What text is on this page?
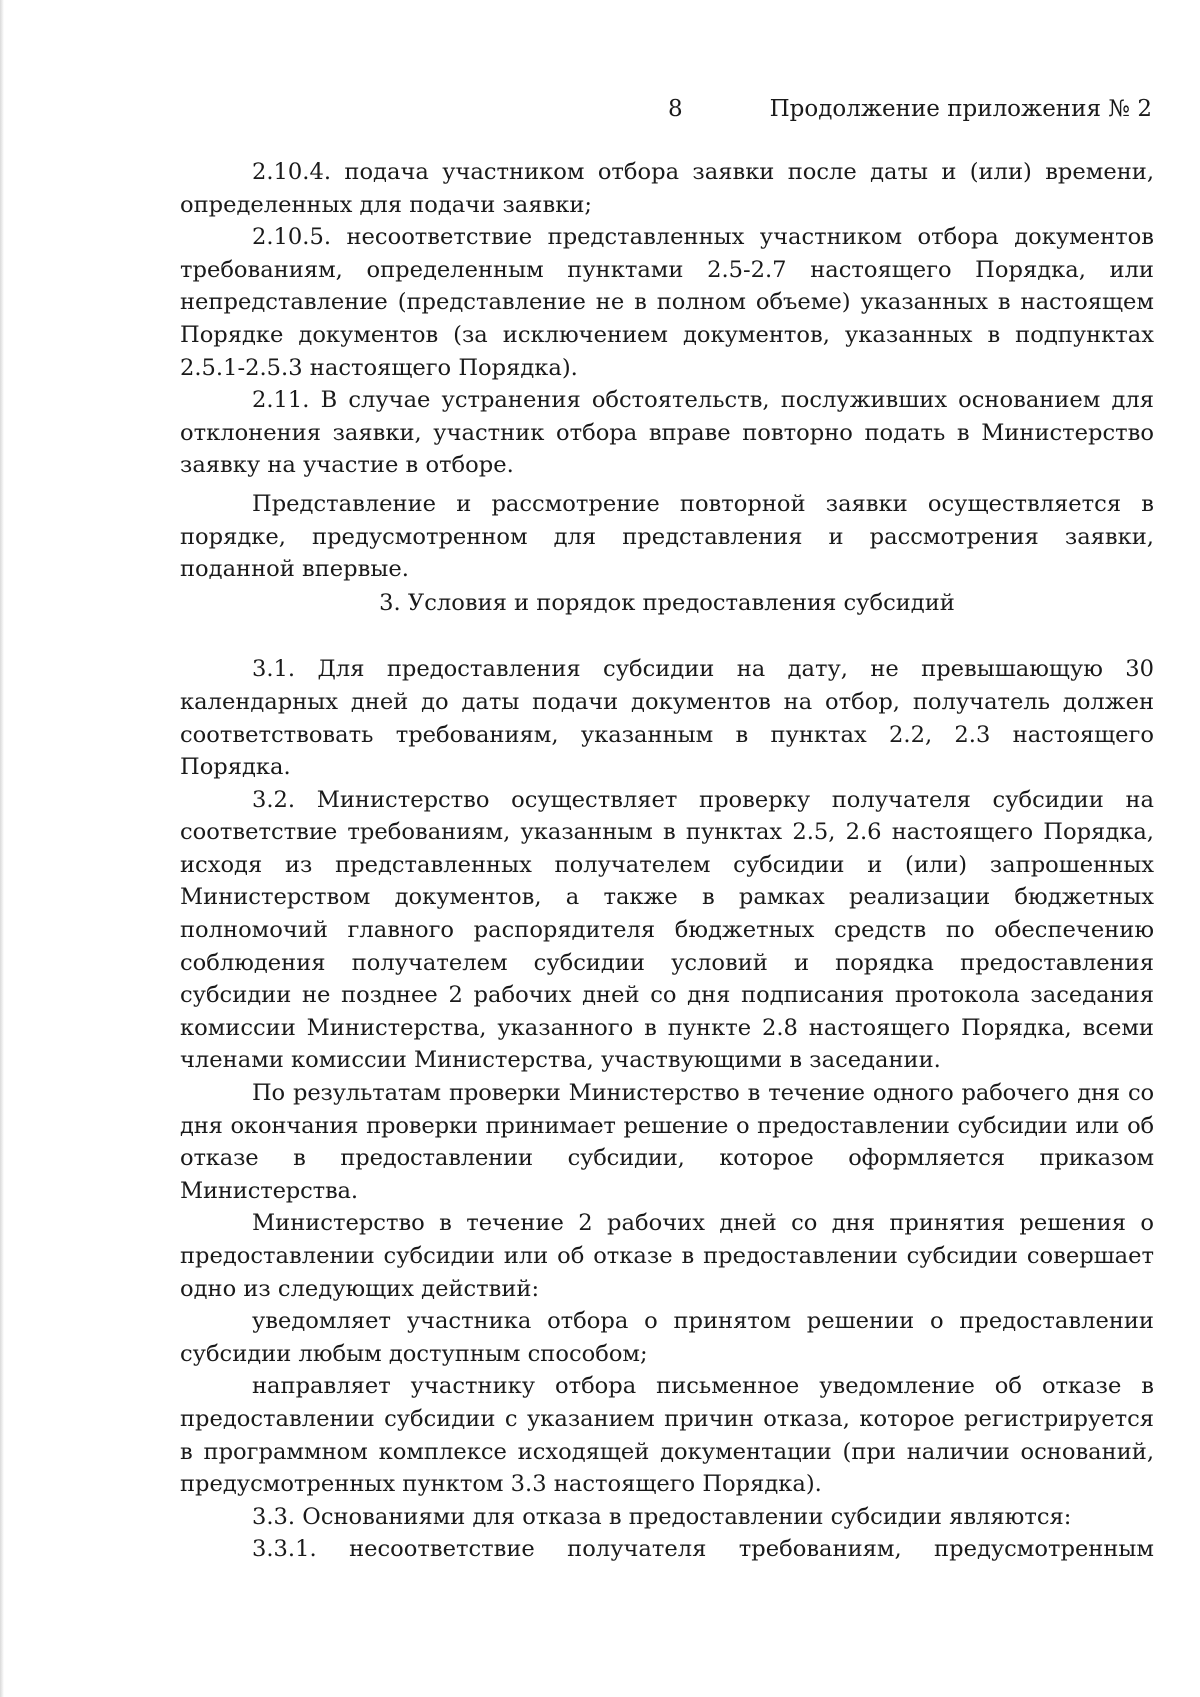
8	Продолжение приложения № 2

2.10.4. подача участником отбора заявки после даты и (или) времени, определенных для подачи заявки;

2.10.5. несоответствие представленных участником отбора документов требованиям, определенным пунктами 2.5-2.7 настоящего Порядка, или непредставление (представление не в полном объеме) указанных в настоящем Порядке документов (за исключением документов, указанных в подпунктах 2.5.1-2.5.3 настоящего Порядка).

2.11. В случае устранения обстоятельств, послуживших основанием для отклонения заявки, участник отбора вправе повторно подать в Министерство заявку на участие в отборе.

Представление и рассмотрение повторной заявки осуществляется в порядке, предусмотренном для представления и рассмотрения заявки, поданной впервые.

3. Условия и порядок предоставления субсидий

3.1. Для предоставления субсидии на дату, не превышающую 30 календарных дней до даты подачи документов на отбор, получатель должен соответствовать требованиям, указанным в пунктах 2.2, 2.3 настоящего Порядка.

3.2. Министерство осуществляет проверку получателя субсидии на соответствие требованиям, указанным в пунктах 2.5, 2.6 настоящего Порядка, исходя из представленных получателем субсидии и (или) запрошенных Министерством документов, а также в рамках реализации бюджетных полномочий главного распорядителя бюджетных средств по обеспечению соблюдения получателем субсидии условий и порядка предоставления субсидии не позднее 2 рабочих дней со дня подписания протокола заседания комиссии Министерства, указанного в пункте 2.8 настоящего Порядка, всеми членами комиссии Министерства, участвующими в заседании.

По результатам проверки Министерство в течение одного рабочего дня со дня окончания проверки принимает решение о предоставлении субсидии или об отказе в предоставлении субсидии, которое оформляется приказом Министерства.

Министерство в течение 2 рабочих дней со дня принятия решения о предоставлении субсидии или об отказе в предоставлении субсидии совершает одно из следующих действий:

уведомляет участника отбора о принятом решении о предоставлении субсидии любым доступным способом;

направляет участнику отбора письменное уведомление об отказе в предоставлении субсидии с указанием причин отказа, которое регистрируется в программном комплексе исходящей документации (при наличии оснований, предусмотренных пунктом 3.3 настоящего Порядка).

3.3. Основаниями для отказа в предоставлении субсидии являются:

3.3.1. несоответствие получателя требованиям, предусмотренным
